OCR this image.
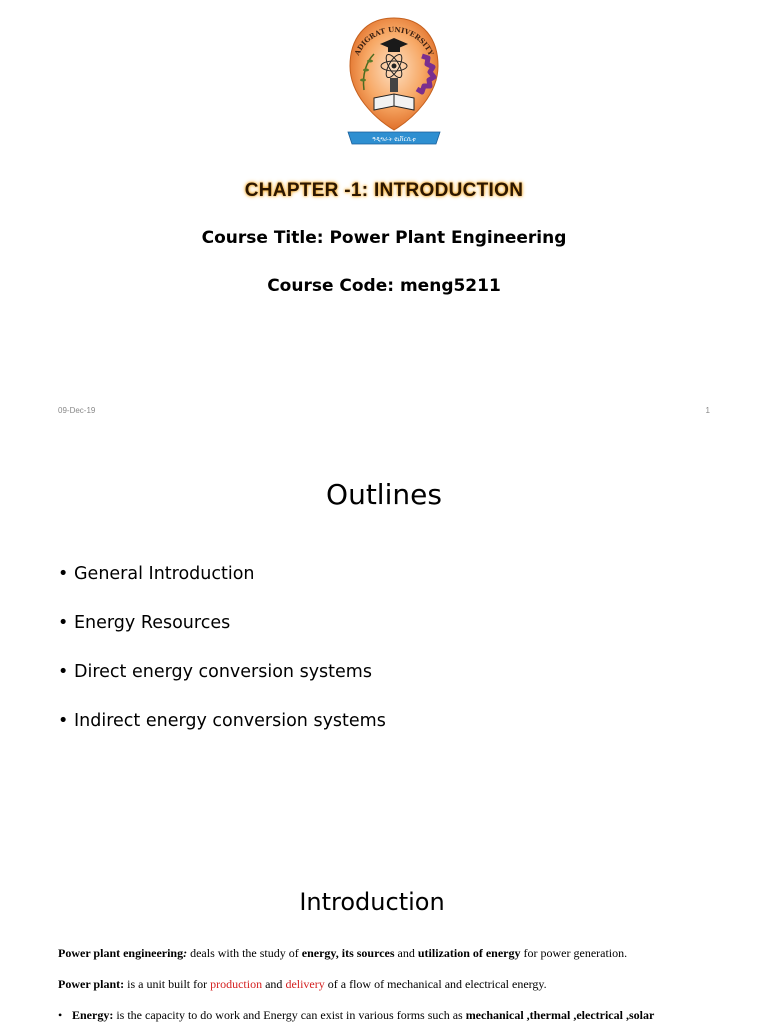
ADIGRAT UNIVERSITY
ዓዲግራት ዩኒቨርሲቲ
CHAPTER -1: INTRODUCTION
Course Title: Power Plant Engineering
Course Code: meng5211
09-Dec-19	1
Outlines
• General Introduction
• Energy Resources
• Direct energy conversion systems
• Indirect energy conversion systems
Introduction
Power plant engineering: deals with the study of energy, its sources and utilization of energy for power generation.
Power plant: is a unit built for production and delivery of a flow of mechanical and electrical energy.
• Energy: is the capacity to do work and Energy can exist in various forms such as mechanical ,thermal ,electrical ,solar
